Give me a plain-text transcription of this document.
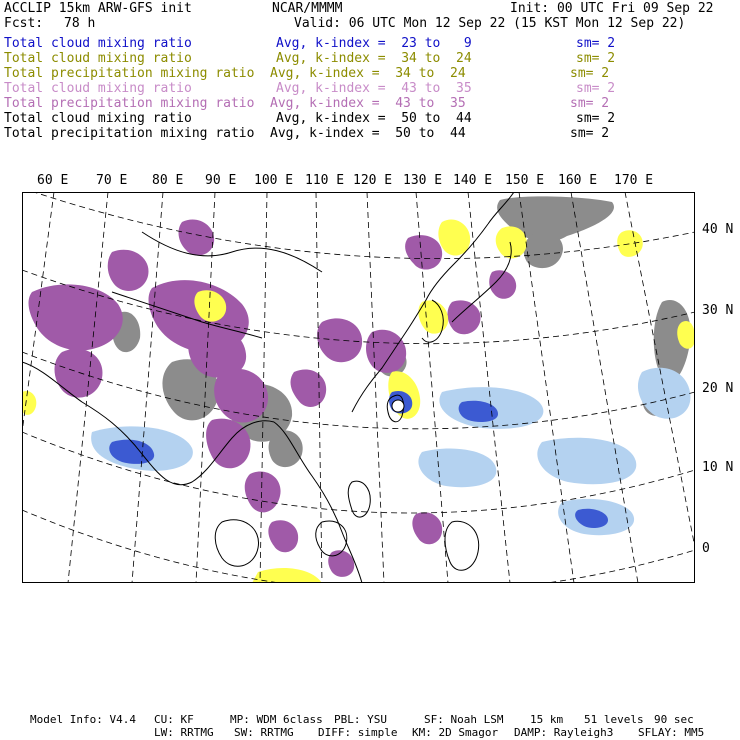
ACCLIP 15km ARW-GFS init	NCAR/MMMM	Init: 00 UTC Fri 09 Sep 22
Fcst: 78 h	Valid: 06 UTC Mon 12 Sep 22 (15 KST Mon 12 Sep 22)
Total cloud mixing ratio	Avg, k-index =  23 to   9	sm= 2
Total cloud mixing ratio	Avg, k-index =  34 to  24	sm= 2
Total precipitation mixing ratio Avg, k-index =  34 to  24	sm= 2
Total cloud mixing ratio	Avg, k-index =  43 to  35	sm= 2
Total precipitation mixing ratio Avg, k-index =  43 to  35	sm= 2
Total cloud mixing ratio	Avg, k-index =  50 to  44	sm= 2
Total precipitation mixing ratio Avg, k-index =  50 to  44	sm= 2
60 E 70 E 80 E 90 E 100 E 110 E 120 E 130 E 140 E 150 E 160 E 170 E
40 N
30 N
20 N
10 N
0
Model Info: V4.4 CU: KF	MP: WDM 6class PBL: YSU	SF: Noah LSM 15 km 51 levels 90 sec
LW: RRTMG SW: RRTMG DIFF: simple KM: 2D Smagor DAMP: Rayleigh3 SFLAY: MM5
